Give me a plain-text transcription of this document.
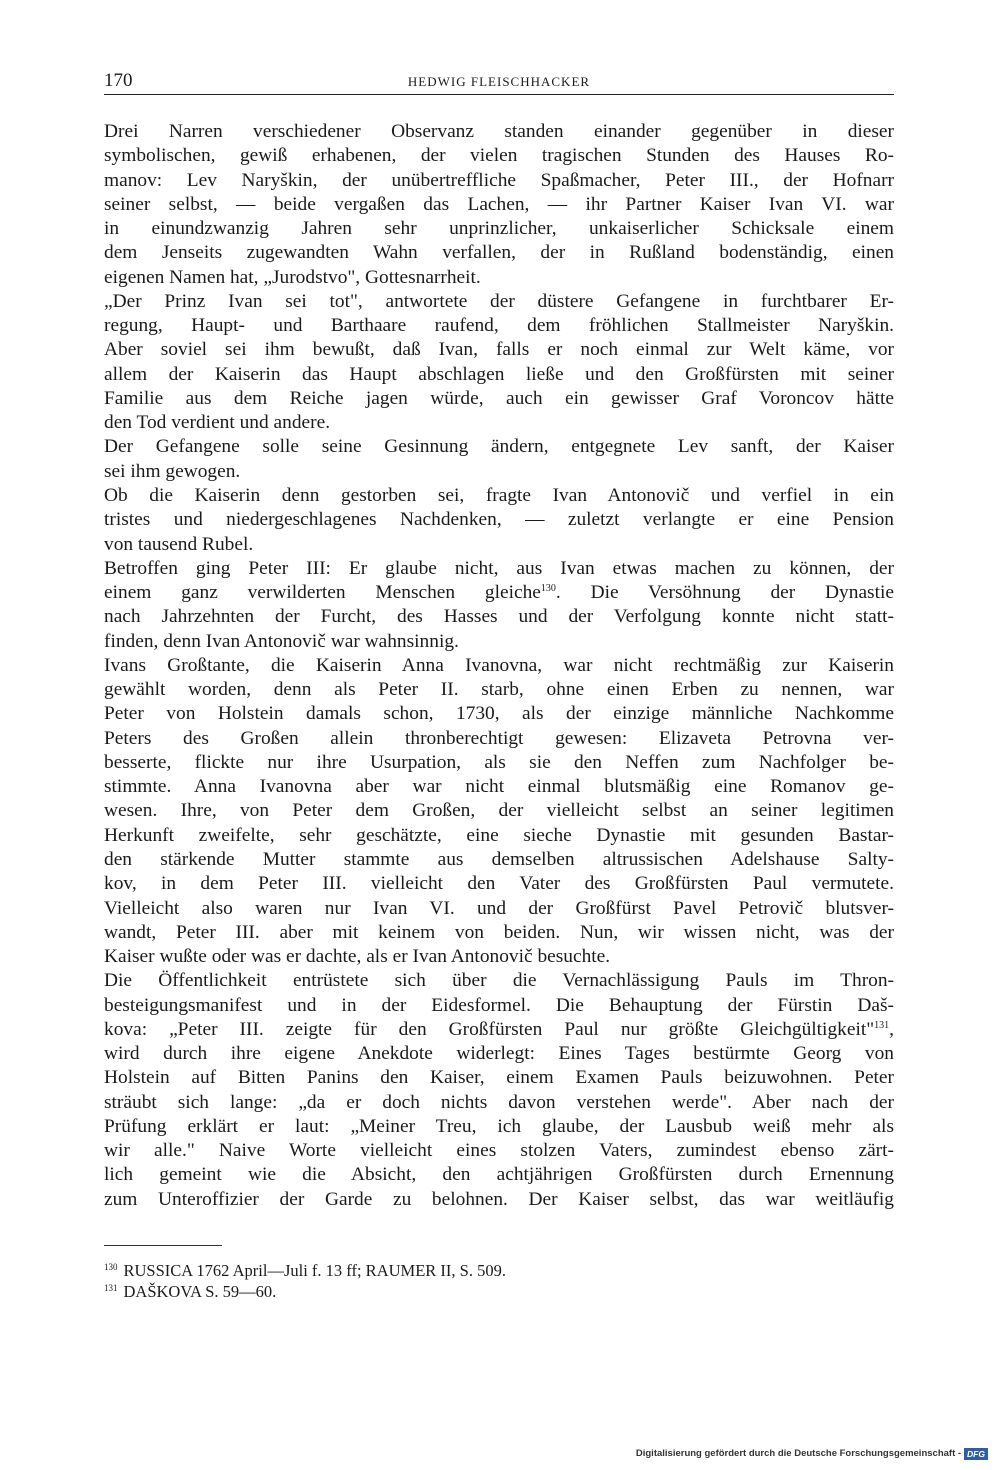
170	HEDWIG FLEISCHHACKER
Drei Narren verschiedener Observanz standen einander gegenüber in dieser
symbolischen, gewiß erhabenen, der vielen tragischen Stunden des Hauses Ro-
manov: Lev Naryškin, der unübertreffliche Spaßmacher, Peter III., der Hofnarr
seiner selbst, — beide vergaßen das Lachen, — ihr Partner Kaiser Ivan VI. war
in einundzwanzig Jahren sehr unprinzlicher, unkaiserlicher Schicksale einem
dem Jenseits zugewandten Wahn verfallen, der in Rußland bodenständig, einen
eigenen Namen hat, „Jurodstvo", Gottesnarrheit.
„Der Prinz Ivan sei tot", antwortete der düstere Gefangene in furchtbarer Er-
regung, Haupt- und Barthaare raufend, dem fröhlichen Stallmeister Naryškin.
Aber soviel sei ihm bewußt, daß Ivan, falls er noch einmal zur Welt käme, vor
allem der Kaiserin das Haupt abschlagen ließe und den Großfürsten mit seiner
Familie aus dem Reiche jagen würde, auch ein gewisser Graf Voroncov hätte
den Tod verdient und andere.
Der Gefangene solle seine Gesinnung ändern, entgegnete Lev sanft, der Kaiser
sei ihm gewogen.
Ob die Kaiserin denn gestorben sei, fragte Ivan Antonovič und verfiel in ein
tristes und niedergeschlagenes Nachdenken, — zuletzt verlangte er eine Pension
von tausend Rubel.
Betroffen ging Peter III: Er glaube nicht, aus Ivan etwas machen zu können, der
einem ganz verwilderten Menschen gleiche$^{130}$. Die Versöhnung der Dynastie
nach Jahrzehnten der Furcht, des Hasses und der Verfolgung konnte nicht statt-
finden, denn Ivan Antonovič war wahnsinnig.
Ivans Großtante, die Kaiserin Anna Ivanovna, war nicht rechtmäßig zur Kaiserin
gewählt worden, denn als Peter II. starb, ohne einen Erben zu nennen, war
Peter von Holstein damals schon, 1730, als der einzige männliche Nachkomme
Peters des Großen allein thronberechtigt gewesen: Elizaveta Petrovna ver-
besserte, flickte nur ihre Usurpation, als sie den Neffen zum Nachfolger be-
stimmte. Anna Ivanovna aber war nicht einmal blutsmäßig eine Romanov ge-
wesen. Ihre, von Peter dem Großen, der vielleicht selbst an seiner legitimen
Herkunft zweifelte, sehr geschätzte, eine sieche Dynastie mit gesunden Bastar-
den stärkende Mutter stammte aus demselben altrussischen Adelshause Salty-
kov, in dem Peter III. vielleicht den Vater des Großfürsten Paul vermutete.
Vielleicht also waren nur Ivan VI. und der Großfürst Pavel Petrovič blutsver-
wandt, Peter III. aber mit keinem von beiden. Nun, wir wissen nicht, was der
Kaiser wußte oder was er dachte, als er Ivan Antonovič besuchte.
Die Öffentlichkeit entrüstete sich über die Vernachlässigung Pauls im Thron-
besteigungsmanifest und in der Eidesformel. Die Behauptung der Fürstin Daš-
kova: „Peter III. zeigte für den Großfürsten Paul nur größte Gleichgültigkeit"$^{131}$,
wird durch ihre eigene Anekdote widerlegt: Eines Tages bestürmte Georg von
Holstein auf Bitten Panins den Kaiser, einem Examen Pauls beizuwohnen. Peter
sträubt sich lange: „da er doch nichts davon verstehen werde". Aber nach der
Prüfung erklärt er laut: „Meiner Treu, ich glaube, der Lausbub weiß mehr als
wir alle." Naive Worte vielleicht eines stolzen Vaters, zumindest ebenso zärt-
lich gemeint wie die Absicht, den achtjährigen Großfürsten durch Ernennung
zum Unteroffizier der Garde zu belohnen. Der Kaiser selbst, das war weitläufig
$^{130}$ RUSSICA 1762 April—Juli f. 13 ff; RAUMER II, S. 509.
$^{131}$ DAŠKOVA S. 59—60.
Digitalisierung gefördert durch die Deutsche Forschungsgemeinschaft - DFG
